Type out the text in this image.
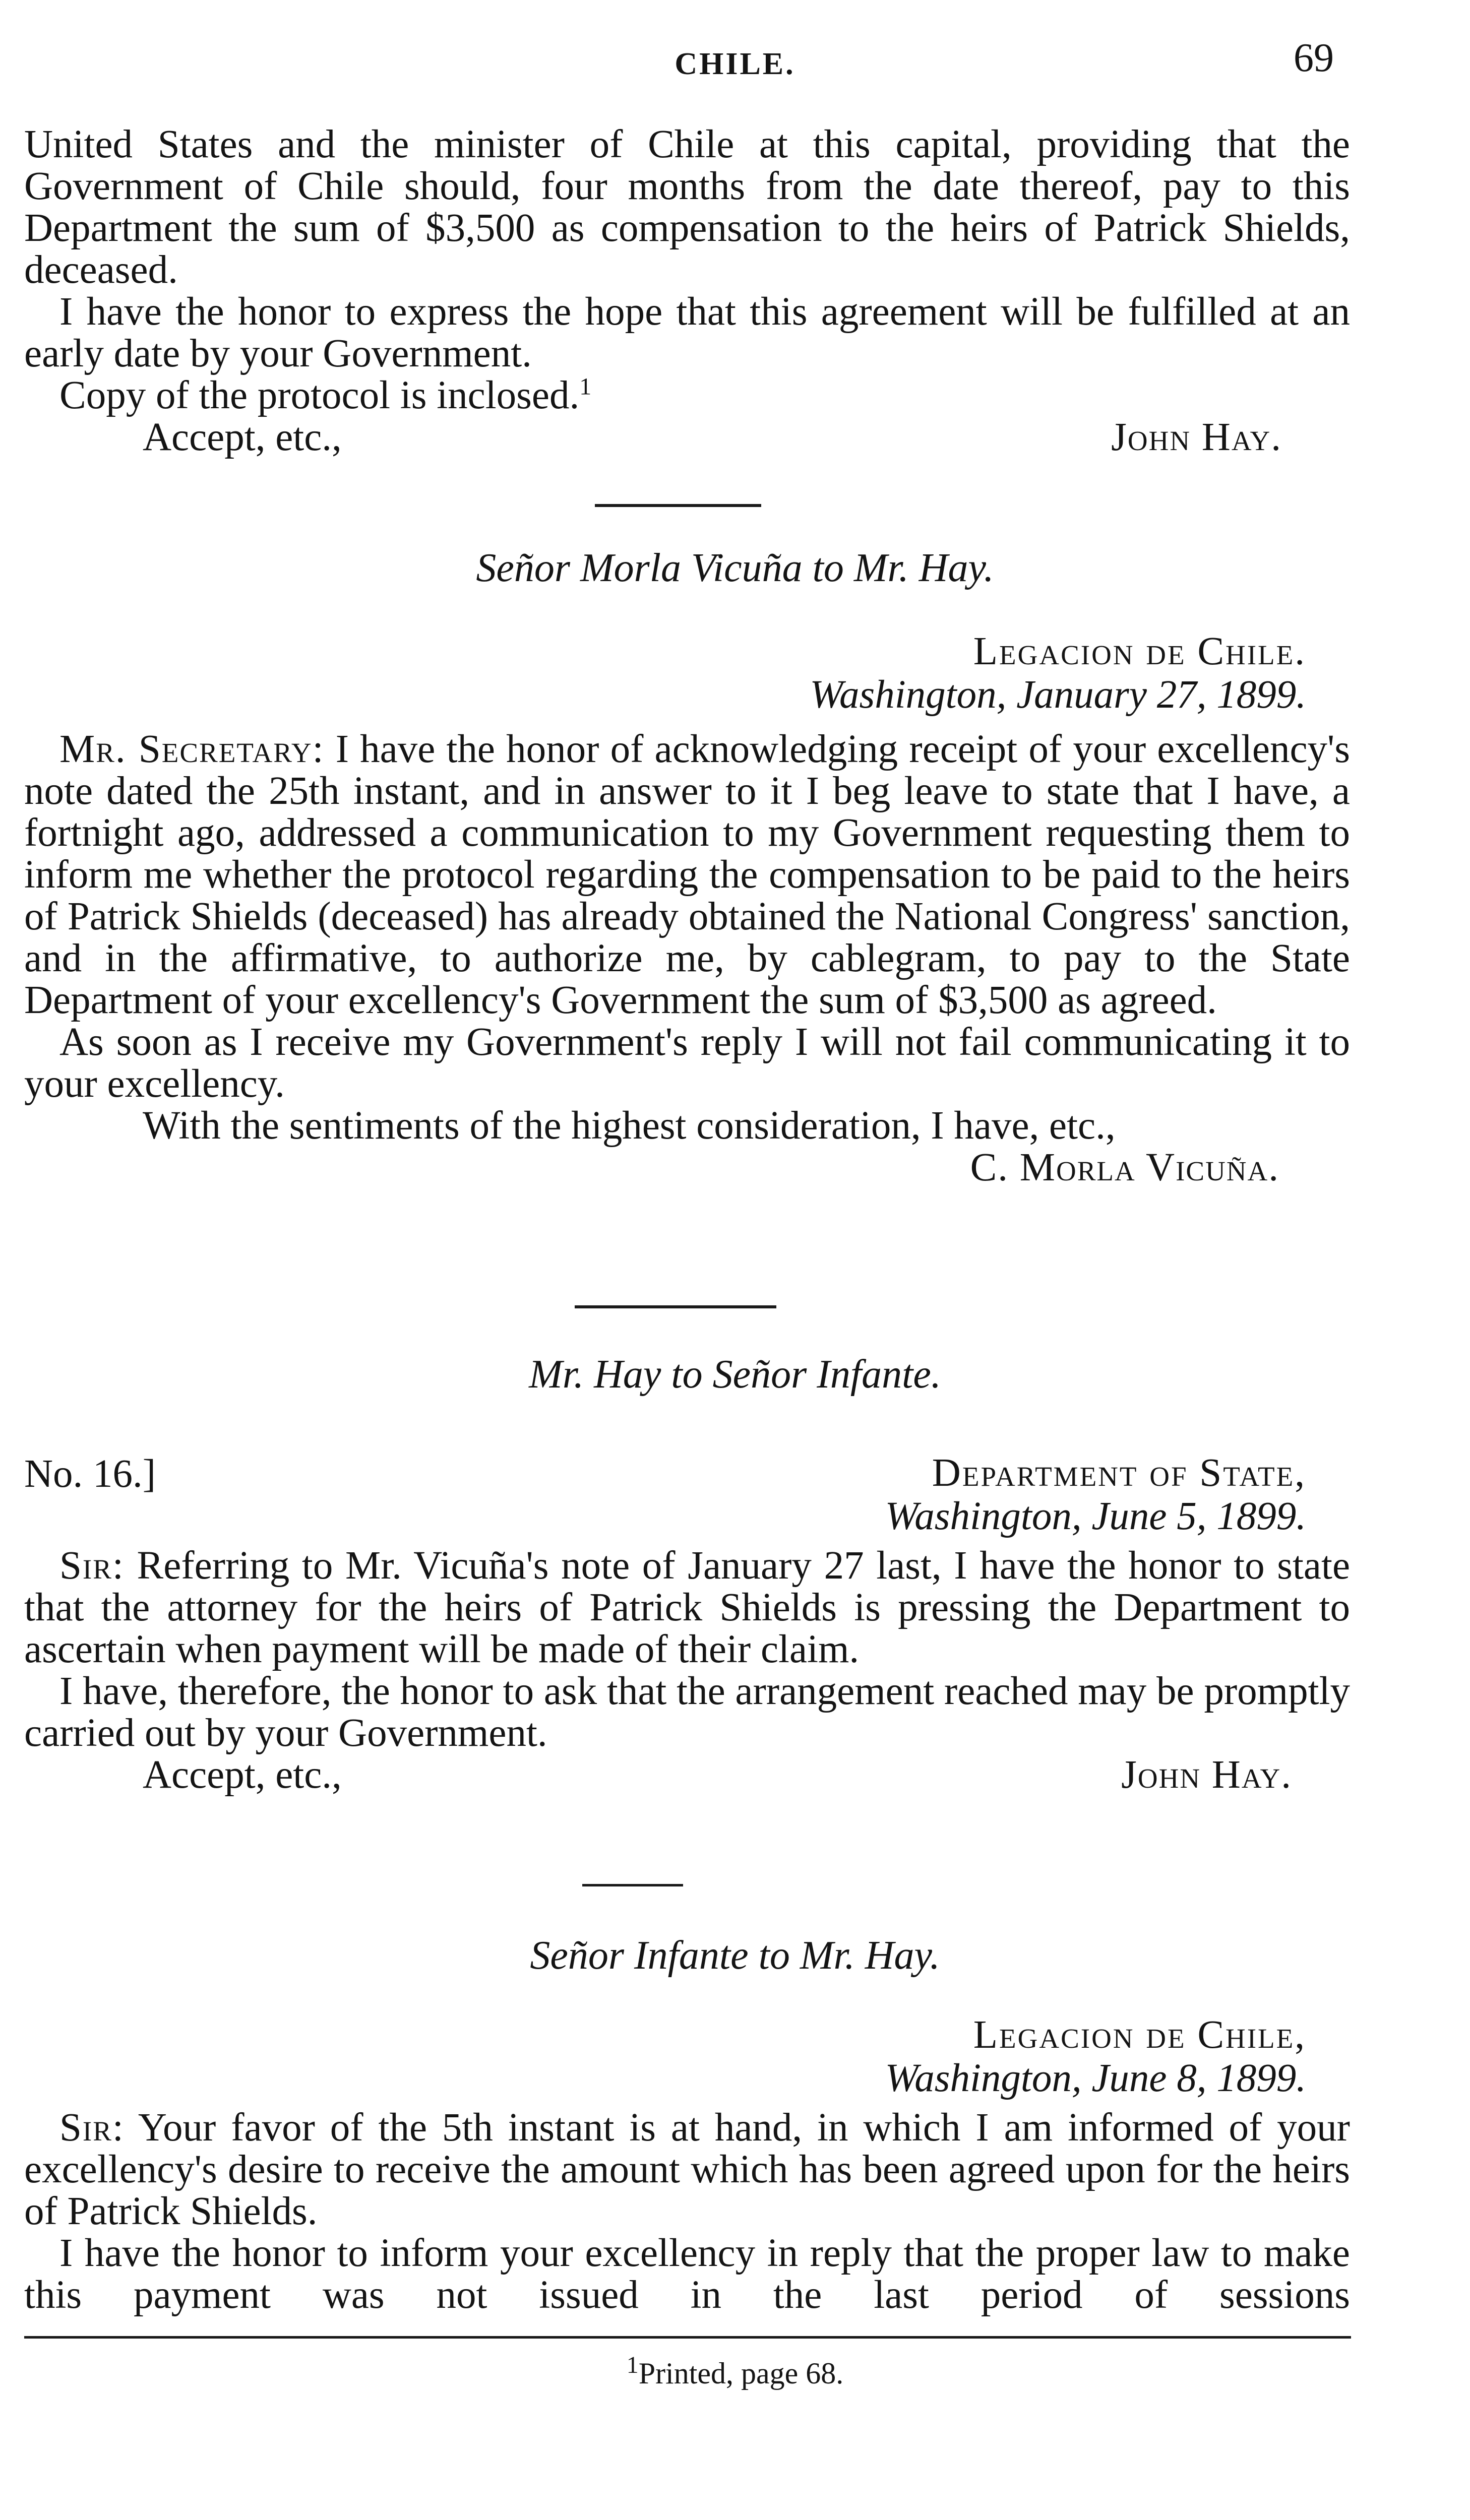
CHILE.	69

United States and the minister of Chile at this capital, providing that the Government of Chile should, four months from the date thereof, pay to this Department the sum of $3,500 as compensation to the heirs of Patrick Shields, deceased.

I have the honor to express the hope that this agreement will be fulfilled at an early date by your Government.

Copy of the protocol is inclosed.$^1$

Accept, etc.,	John Hay.
Señor Morla Vicuña to Mr. Hay.
Legacion de Chile.
Washington, January 27, 1899.

Mr. Secretary: I have the honor of acknowledging receipt of your excellency's note dated the 25th instant, and in answer to it I beg leave to state that I have, a fortnight ago, addressed a communication to my Government requesting them to inform me whether the protocol regarding the compensation to be paid to the heirs of Patrick Shields (deceased) has already obtained the National Congress' sanction, and in the affirmative, to authorize me, by cablegram, to pay to the State Department of your excellency's Government the sum of $3,500 as agreed.

As soon as I receive my Government's reply I will not fail communicating it to your excellency.

With the sentiments of the highest consideration, I have, etc.,

C. Morla Vicuña.
Mr. Hay to Señor Infante.
No. 16.]	Department of State,
Washington, June 5, 1899.

Sir: Referring to Mr. Vicuña's note of January 27 last, I have the honor to state that the attorney for the heirs of Patrick Shields is pressing the Department to ascertain when payment will be made of their claim.

I have, therefore, the honor to ask that the arrangement reached may be promptly carried out by your Government.

Accept, etc.,	John Hay.
Señor Infante to Mr. Hay.
Legacion de Chile,
Washington, June 8, 1899.

Sir: Your favor of the 5th instant is at hand, in which I am informed of your excellency's desire to receive the amount which has been agreed upon for the heirs of Patrick Shields.

I have the honor to inform your excellency in reply that the proper law to make this payment was not issued in the last period of sessions

$^1$Printed, page 68.
